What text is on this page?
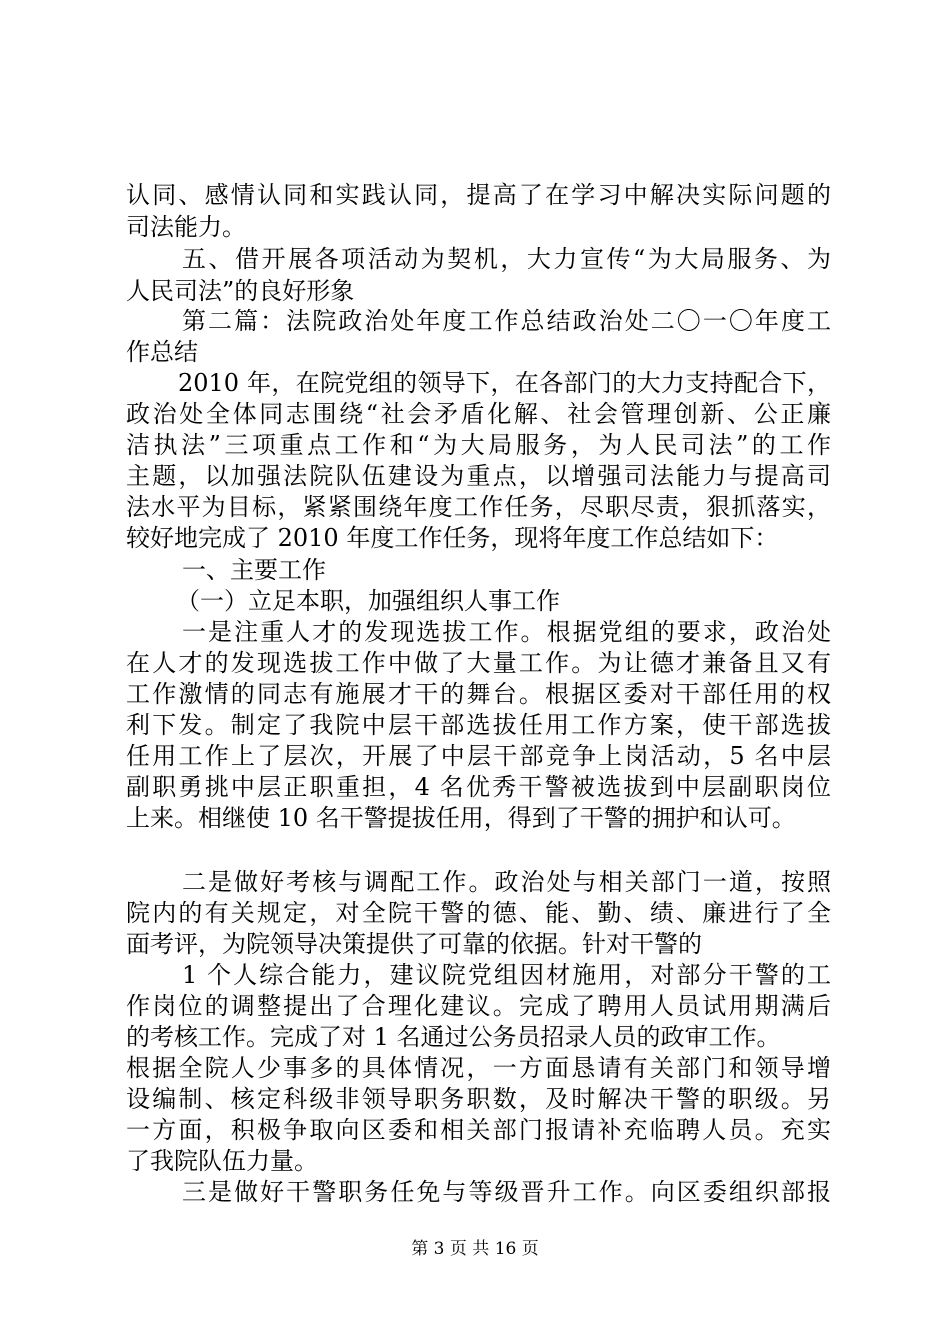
认同、感情认同和实践认同，提高了在学习中解决实际问题的
司法能力。
五、借开展各项活动为契机，大力宣传“为大局服务、为
人民司法”的良好形象
第二篇：法院政治处年度工作总结政治处二〇一〇年度工
作总结
2010 年，在院党组的领导下，在各部门的大力支持配合下，
政治处全体同志围绕“社会矛盾化解、社会管理创新、公正廉
洁执法”三项重点工作和“为大局服务，为人民司法”的工作
主题，以加强法院队伍建设为重点，以增强司法能力与提高司
法水平为目标，紧紧围绕年度工作任务，尽职尽责，狠抓落实，
较好地完成了 2010 年度工作任务，现将年度工作总结如下：
一、主要工作
（一）立足本职，加强组织人事工作
一是注重人才的发现选拔工作。根据党组的要求，政治处
在人才的发现选拔工作中做了大量工作。为让德才兼备且又有
工作激情的同志有施展才干的舞台。根据区委对干部任用的权
利下发。制定了我院中层干部选拔任用工作方案，使干部选拔
任用工作上了层次，开展了中层干部竞争上岗活动，5 名中层
副职勇挑中层正职重担，4 名优秀干警被选拔到中层副职岗位
上来。相继使 10 名干警提拔任用，得到了干警的拥护和认可。
二是做好考核与调配工作。政治处与相关部门一道，按照
院内的有关规定，对全院干警的德、能、勤、绩、廉进行了全
面考评，为院领导决策提供了可靠的依据。针对干警的
1 个人综合能力，建议院党组因材施用，对部分干警的工
作岗位的调整提出了合理化建议。完成了聘用人员试用期满后
的考核工作。完成了对 1 名通过公务员招录人员的政审工作。
根据全院人少事多的具体情况，一方面恳请有关部门和领导增
设编制、核定科级非领导职务职数，及时解决干警的职级。另
一方面，积极争取向区委和相关部门报请补充临聘人员。充实
了我院队伍力量。
三是做好干警职务任免与等级晋升工作。向区委组织部报
第 3 页 共 16 页
